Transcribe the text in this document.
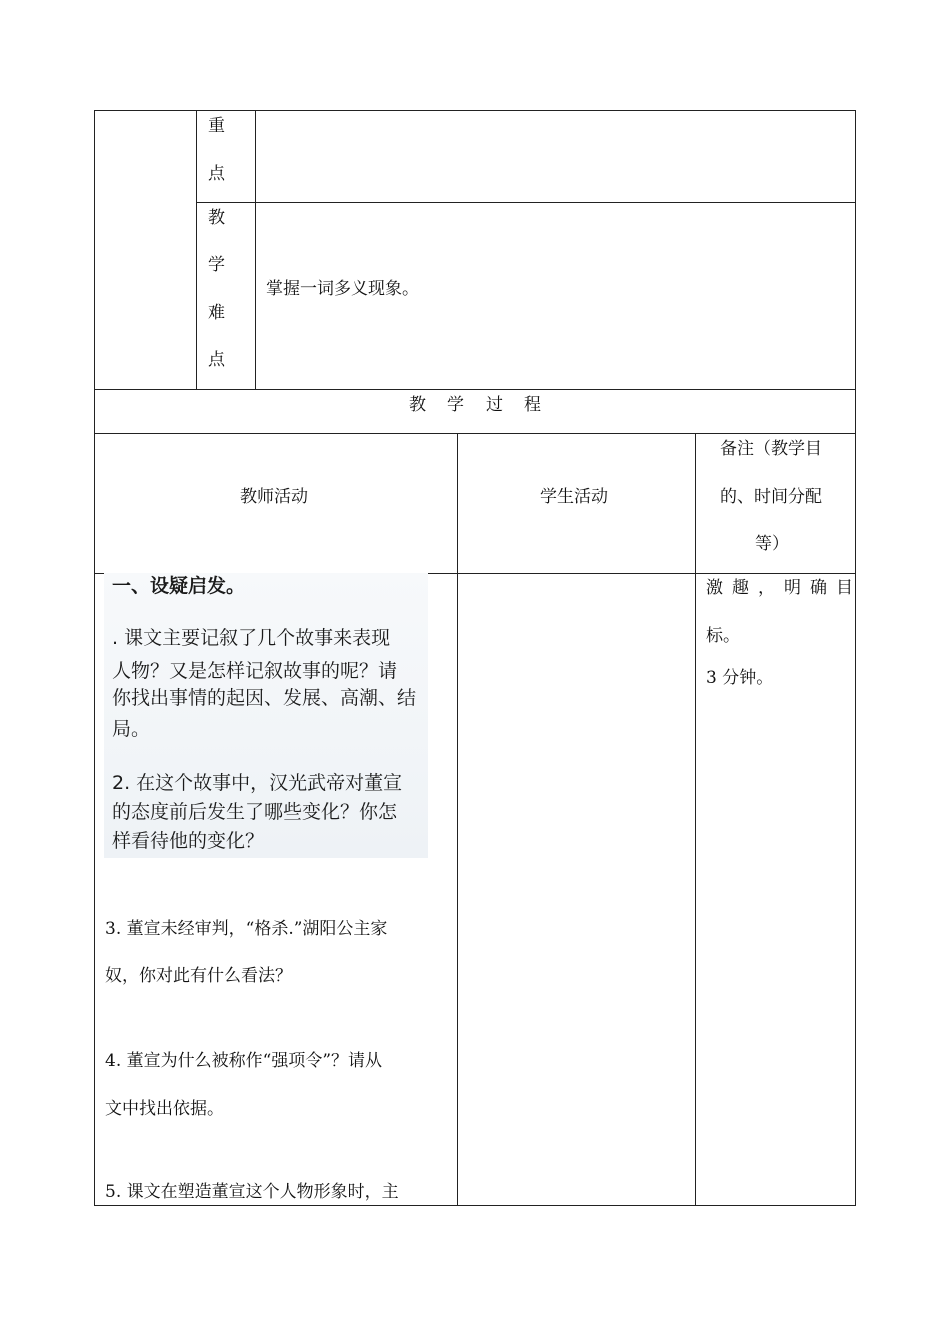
重
点
教
学
难
点
掌握一词多义现象。
教 学 过 程
教师活动	学生活动
备注（教学目
的、时间分配
等）
一、设疑启发。
. 课文主要记叙了几个故事来表现
人物？又是怎样记叙故事的呢？请
你找出事情的起因、发展、高潮、结
局。
2. 在这个故事中，汉光武帝对董宣
的态度前后发生了哪些变化？你怎
样看待他的变化？
3. 董宣未经审判，“格杀.”湖阳公主家
奴，你对此有什么看法？
4. 董宣为什么被称作“强项令”？请从
文中找出依据。
5. 课文在塑造董宣这个人物形象时，主
激趣，明确目
标。
3 分钟。
